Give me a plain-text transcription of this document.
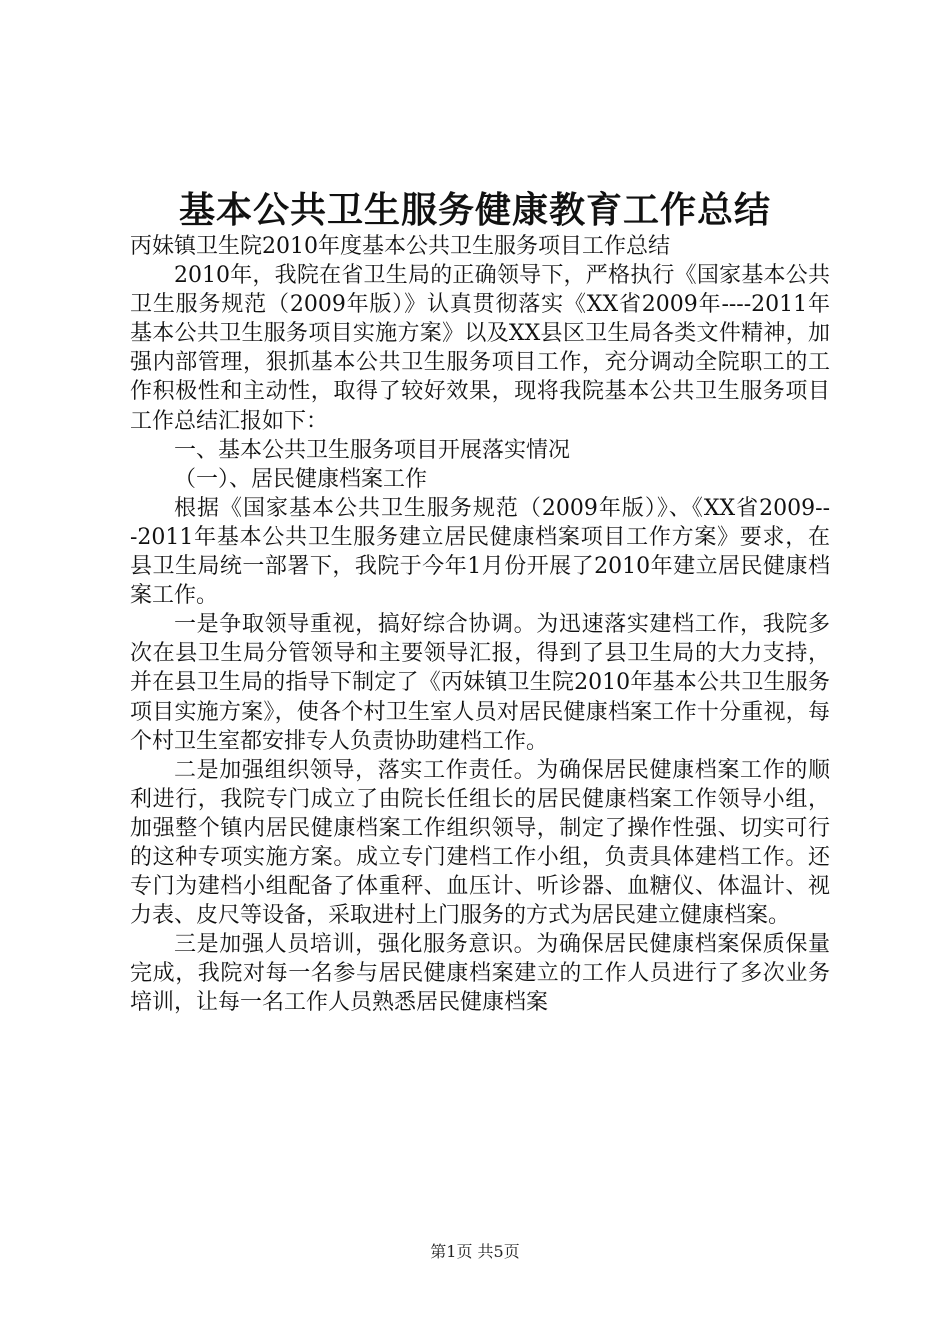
基本公共卫生服务健康教育工作总结

丙妹镇卫生院2010年度基本公共卫生服务项目工作总结

2010年，我院在省卫生局的正确领导下，严格执行《国家基本公共卫生服务规范（2009年版）》认真贯彻落实《XX省2009年----2011年基本公共卫生服务项目实施方案》以及XX县区卫生局各类文件精神，加强内部管理，狠抓基本公共卫生服务项目工作，充分调动全院职工的工作积极性和主动性，取得了较好效果，现将我院基本公共卫生服务项目工作总结汇报如下：

一、基本公共卫生服务项目开展落实情况

（一）、居民健康档案工作

根据《国家基本公共卫生服务规范（2009年版）》、《XX省2009---2011年基本公共卫生服务建立居民健康档案项目工作方案》要求，在县卫生局统一部署下，我院于今年1月份开展了2010年建立居民健康档案工作。

一是争取领导重视，搞好综合协调。为迅速落实建档工作，我院多次在县卫生局分管领导和主要领导汇报，得到了县卫生局的大力支持，并在县卫生局的指导下制定了《丙妹镇卫生院2010年基本公共卫生服务项目实施方案》，使各个村卫生室人员对居民健康档案工作十分重视，每个村卫生室都安排专人负责协助建档工作。

二是加强组织领导，落实工作责任。为确保居民健康档案工作的顺利进行，我院专门成立了由院长任组长的居民健康档案工作领导小组，加强整个镇内居民健康档案工作组织领导，制定了操作性强、切实可行的这种专项实施方案。成立专门建档工作小组，负责具体建档工作。还专门为建档小组配备了体重秤、血压计、听诊器、血糖仪、体温计、视力表、皮尺等设备，采取进村上门服务的方式为居民建立健康档案。

三是加强人员培训，强化服务意识。为确保居民健康档案保质保量完成，我院对每一名参与居民健康档案建立的工作人员进行了多次业务培训，让每一名工作人员熟悉居民健康档案

第1页 共5页
